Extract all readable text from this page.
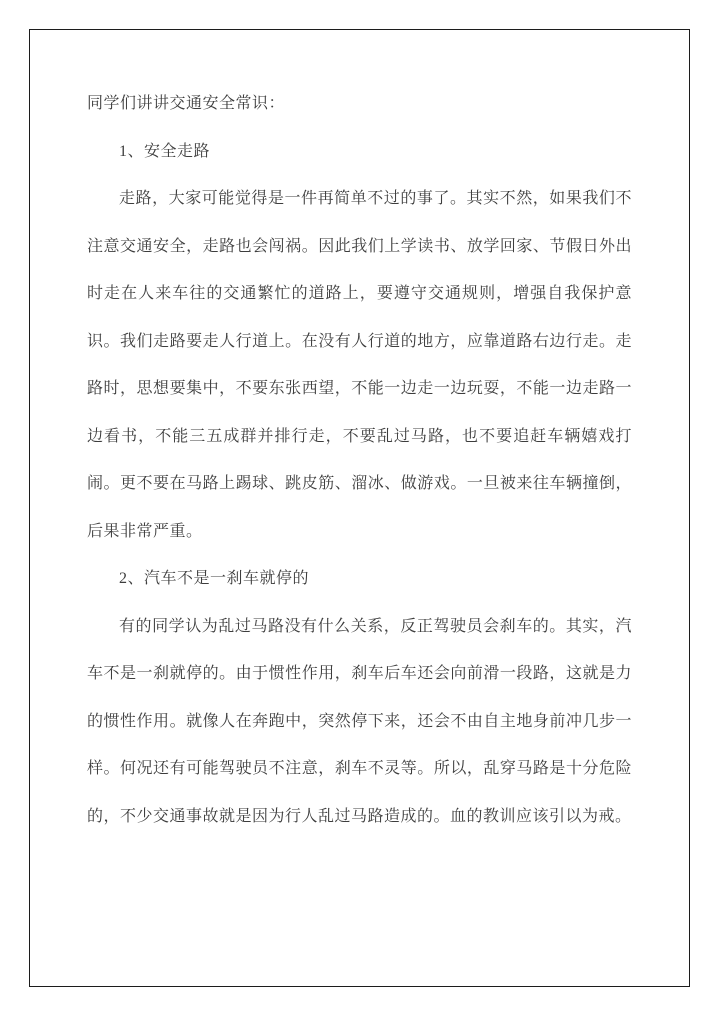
同学们讲讲交通安全常识：

1、安全走路

走路，大家可能觉得是一件再简单不过的事了。其实不然，如果我们不注意交通安全，走路也会闯祸。因此我们上学读书、放学回家、节假日外出时走在人来车往的交通繁忙的道路上，要遵守交通规则，增强自我保护意识。我们走路要走人行道上。在没有人行道的地方，应靠道路右边行走。走路时，思想要集中，不要东张西望，不能一边走一边玩耍，不能一边走路一边看书，不能三五成群并排行走，不要乱过马路，也不要追赶车辆嬉戏打闹。更不要在马路上踢球、跳皮筋、溜冰、做游戏。一旦被来往车辆撞倒，后果非常严重。

2、汽车不是一刹车就停的

有的同学认为乱过马路没有什么关系，反正驾驶员会刹车的。其实，汽车不是一刹就停的。由于惯性作用，刹车后车还会向前滑一段路，这就是力的惯性作用。就像人在奔跑中，突然停下来，还会不由自主地身前冲几步一样。何况还有可能驾驶员不注意，刹车不灵等。所以，乱穿马路是十分危险的，不少交通事故就是因为行人乱过马路造成的。血的教训应该引以为戒。
